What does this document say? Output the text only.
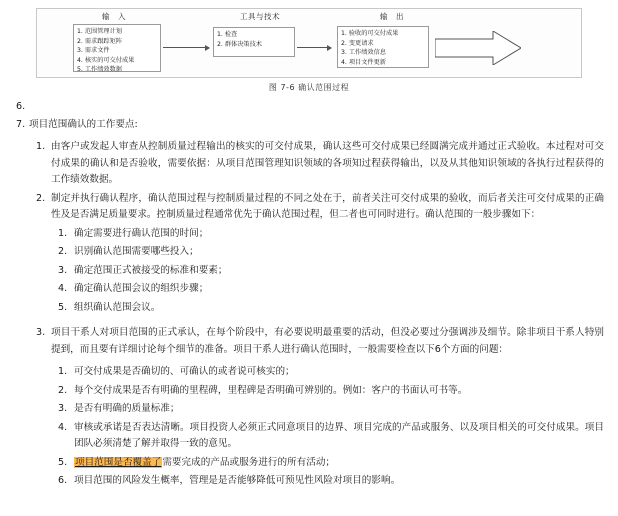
输　入	工具与技术	输　出
1. 范围管理计划
2. 需求跟踪矩阵
3. 需求文件
4. 核实的可交付成果
5. 工作绩效数据
1. 检查
2. 群体决策技术
1. 验收的可交付成果
2. 变更请求
3. 工作绩效信息
4. 项目文件更新
图 7-6 确认范围过程
6.
7. 项目范围确认的工作要点:
1. 由客户或发起人审查从控制质量过程输出的核实的可交付成果，确认这些可交付成果已经圆满完成并通过正式验收。本过程对可交付成果的确认和是否验收，需要依据：从项目范围管理知识领域的各项知过程获得输出，以及从其他知识领域的各执行过程获得的工作绩效数据。
2. 制定并执行确认程序，确认范围过程与控制质量过程的不同之处在于，前者关注可交付成果的验收，而后者关注可交付成果的正确性及是否满足质量要求。控制质量过程通常优先于确认范围过程，但二者也可同时进行。确认范围的一般步骤如下：
1. 确定需要进行确认范围的时间；
2. 识别确认范围需要哪些投入；
3. 确定范围正式被接受的标准和要素；
4. 确定确认范围会议的组织步骤；
5. 组织确认范围会议。
3. 项目干系人对项目范围的正式承认，在每个阶段中，有必要说明最重要的活动，但没必要过分强调涉及细节。除非项目干系人特别提到，而且要有详细讨论每个细节的准备。项目干系人进行确认范围时，一般需要检查以下6个方面的问题：
1. 可交付成果是否确切的、可确认的或者说可核实的；
2. 每个交付成果是否有明确的里程碑，里程碑是否明确可辨别的。例如：客户的书面认可书等。
3. 是否有明确的质量标准；
4. 审核或承诺是否表达清晰。项目投资人必须正式同意项目的边界、项目完成的产品或服务、以及项目相关的可交付成果。项目团队必须清楚了解并取得一致的意见。
5. 项目范围是否覆盖了需要完成的产品或服务进行的所有活动；
6. 项目范围的风险发生概率，管理是是否能够降低可预见性风险对项目的影响。
